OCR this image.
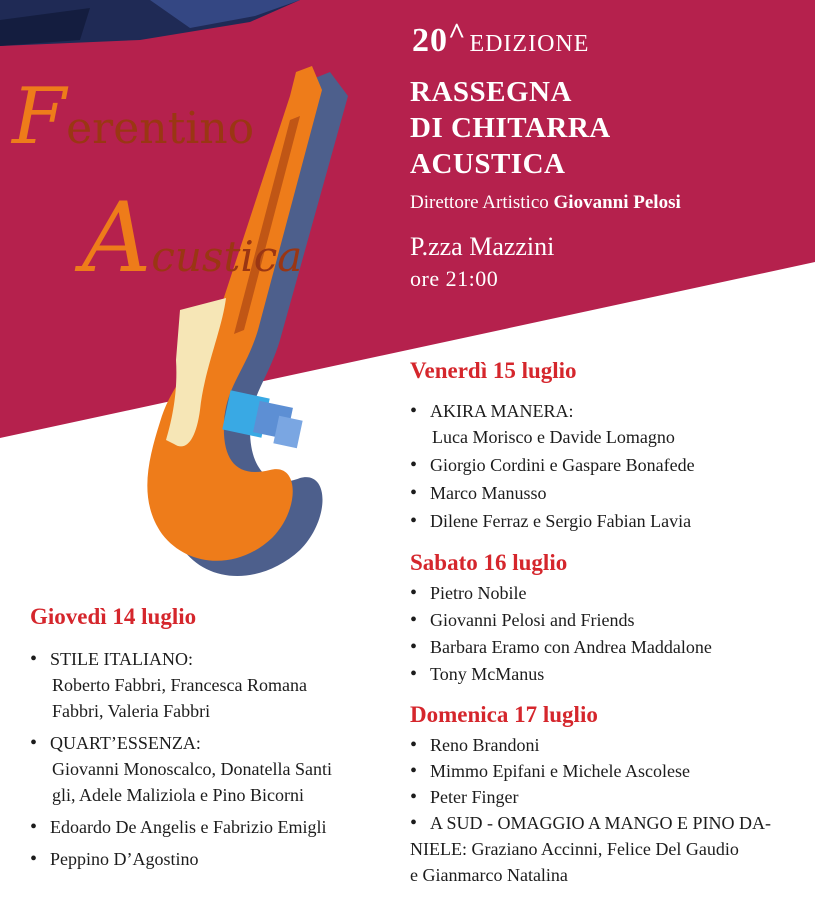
Ferentino
Acustica
20^ EDIZIONE
RASSEGNA
DI CHITARRA
ACUSTICA
Direttore Artistico Giovanni Pelosi
P.zza Mazzini
ore 21:00
Giovedì 14 luglio
• STILE ITALIANO:
Roberto Fabbri, Francesca Romana
Fabbri, Valeria Fabbri
• QUART’ESSENZA:
Giovanni Monoscalco, Donatella Santi
gli, Adele Maliziola e Pino Bicorni
• Edoardo De Angelis e Fabrizio Emigli
• Peppino D’Agostino
Venerdì 15 luglio
• AKIRA MANERA:
Luca Morisco e Davide Lomagno
• Giorgio Cordini e Gaspare Bonafede
• Marco Manusso
• Dilene Ferraz e Sergio Fabian Lavia
Sabato 16 luglio
• Pietro Nobile
• Giovanni Pelosi and Friends
• Barbara Eramo con Andrea Maddalone
• Tony McManus
Domenica 17 luglio
• Reno Brandoni
• Mimmo Epifani e Michele Ascolese
• Peter Finger
• A SUD - OMAGGIO A MANGO E PINO DA-
NIELE: Graziano Accinni, Felice Del Gaudio
e Gianmarco Natalina
